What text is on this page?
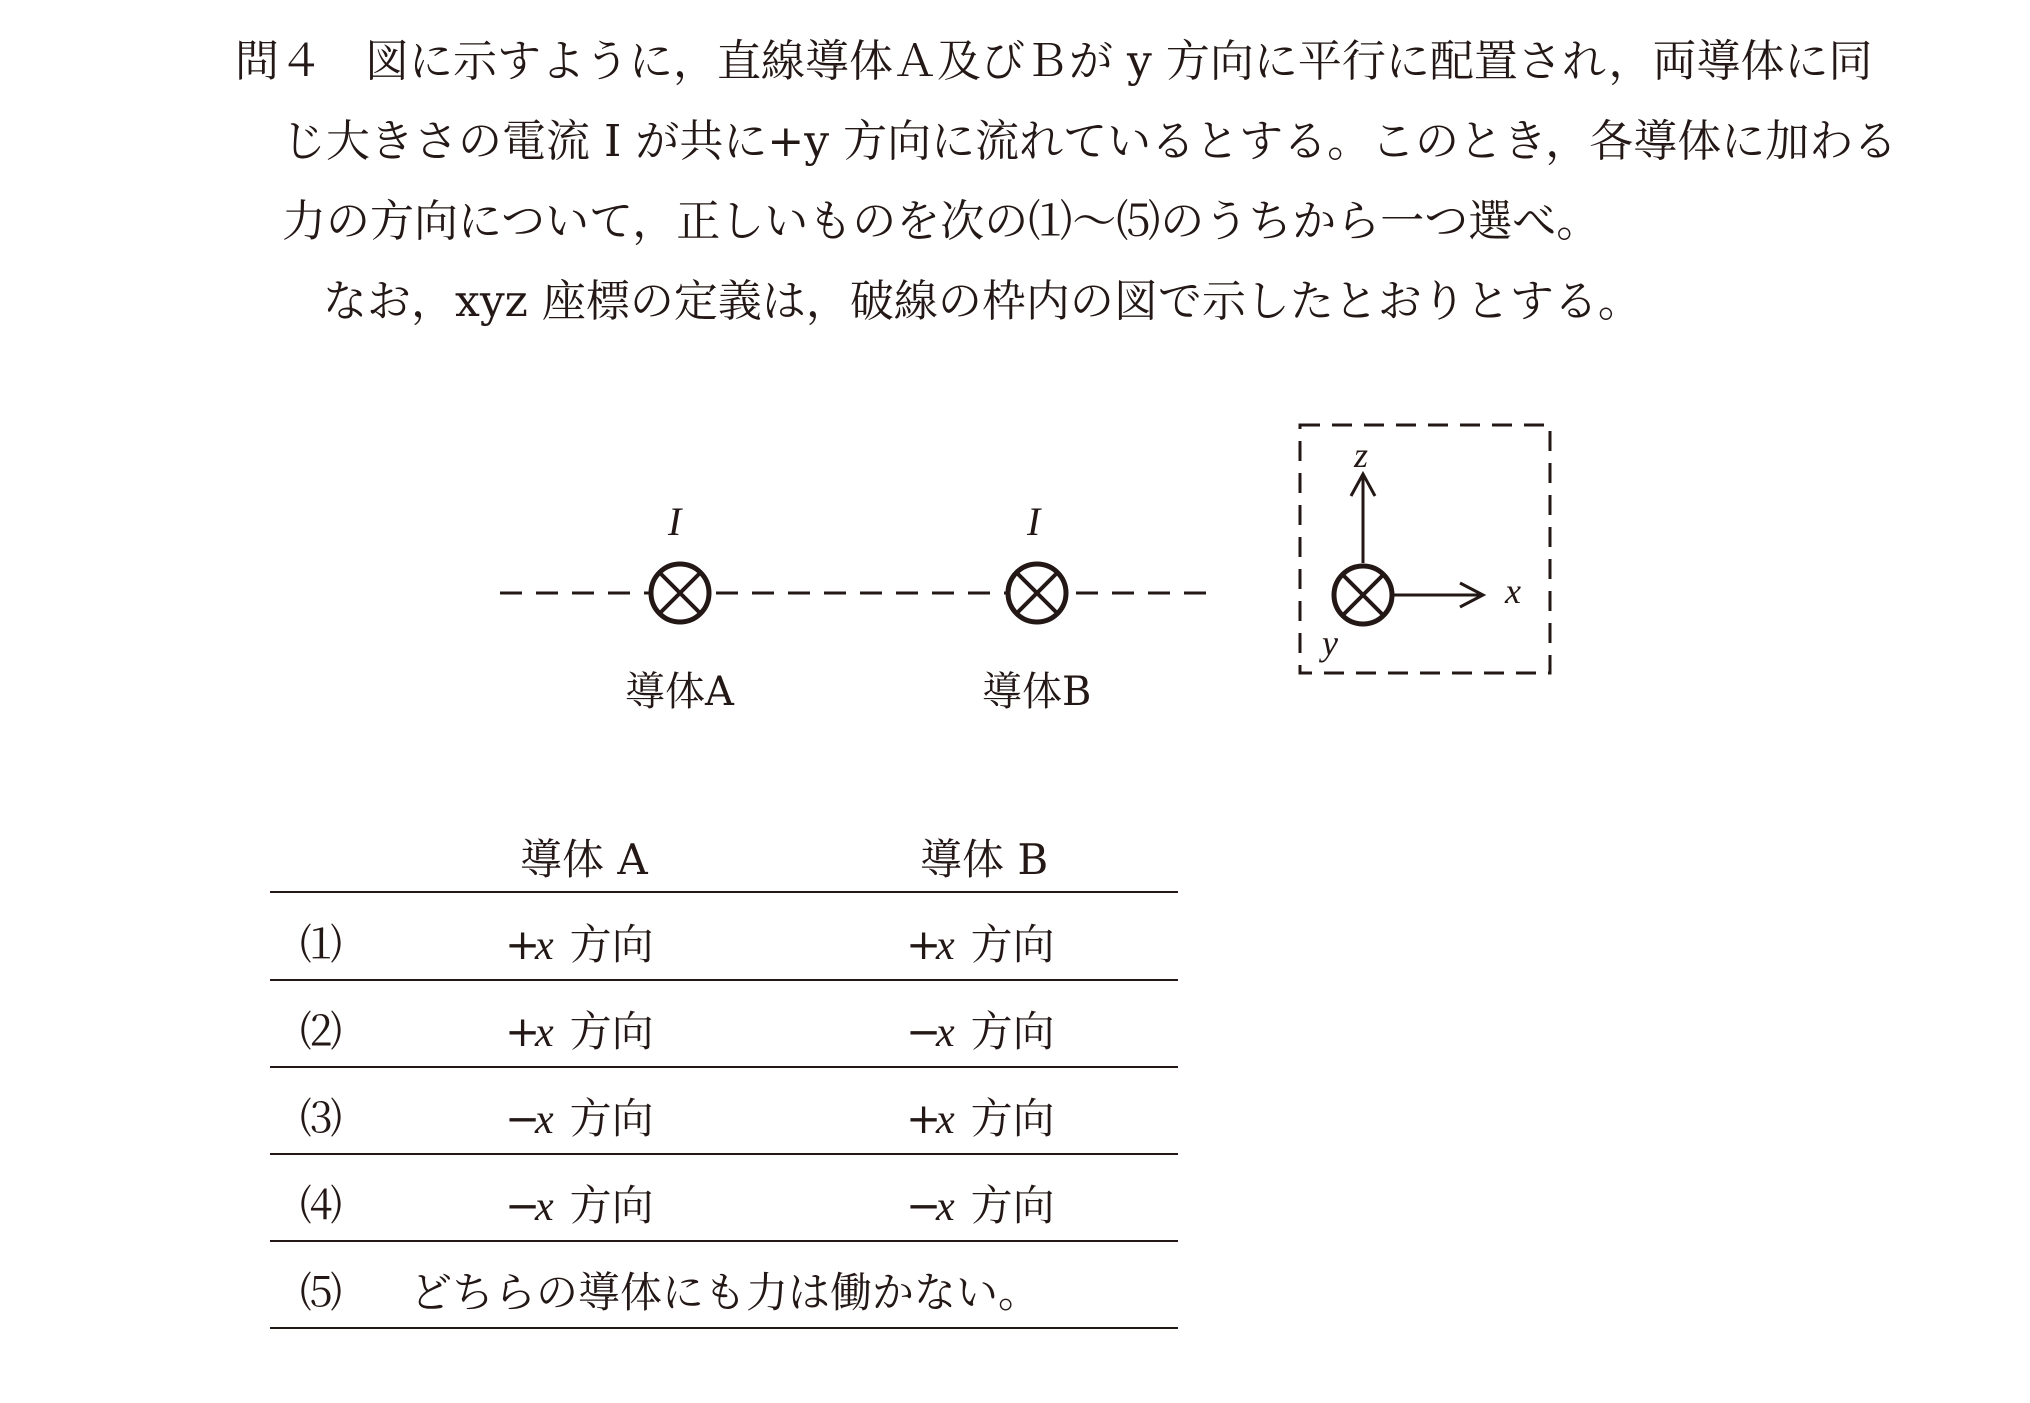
問４ 図に示すように，直線導体Ａ及びＢが y 方向に平行に配置され，両導体に同
じ大きさの電流 I が共に+y 方向に流れているとする。このとき，各導体に加わる
力の方向について，正しいものを次の⑴～⑸のうちから一つ選べ。
なお，xyz 座標の定義は，破線の枠内の図で示したとおりとする。
I	I
導体A	導体B
z
x
y
導体 A	導体 B
⑴	+x 方向	+x 方向
⑵	+x 方向	−x 方向
⑶	−x 方向	+x 方向
⑷	−x 方向	−x 方向
⑸ どちらの導体にも力は働かない。
